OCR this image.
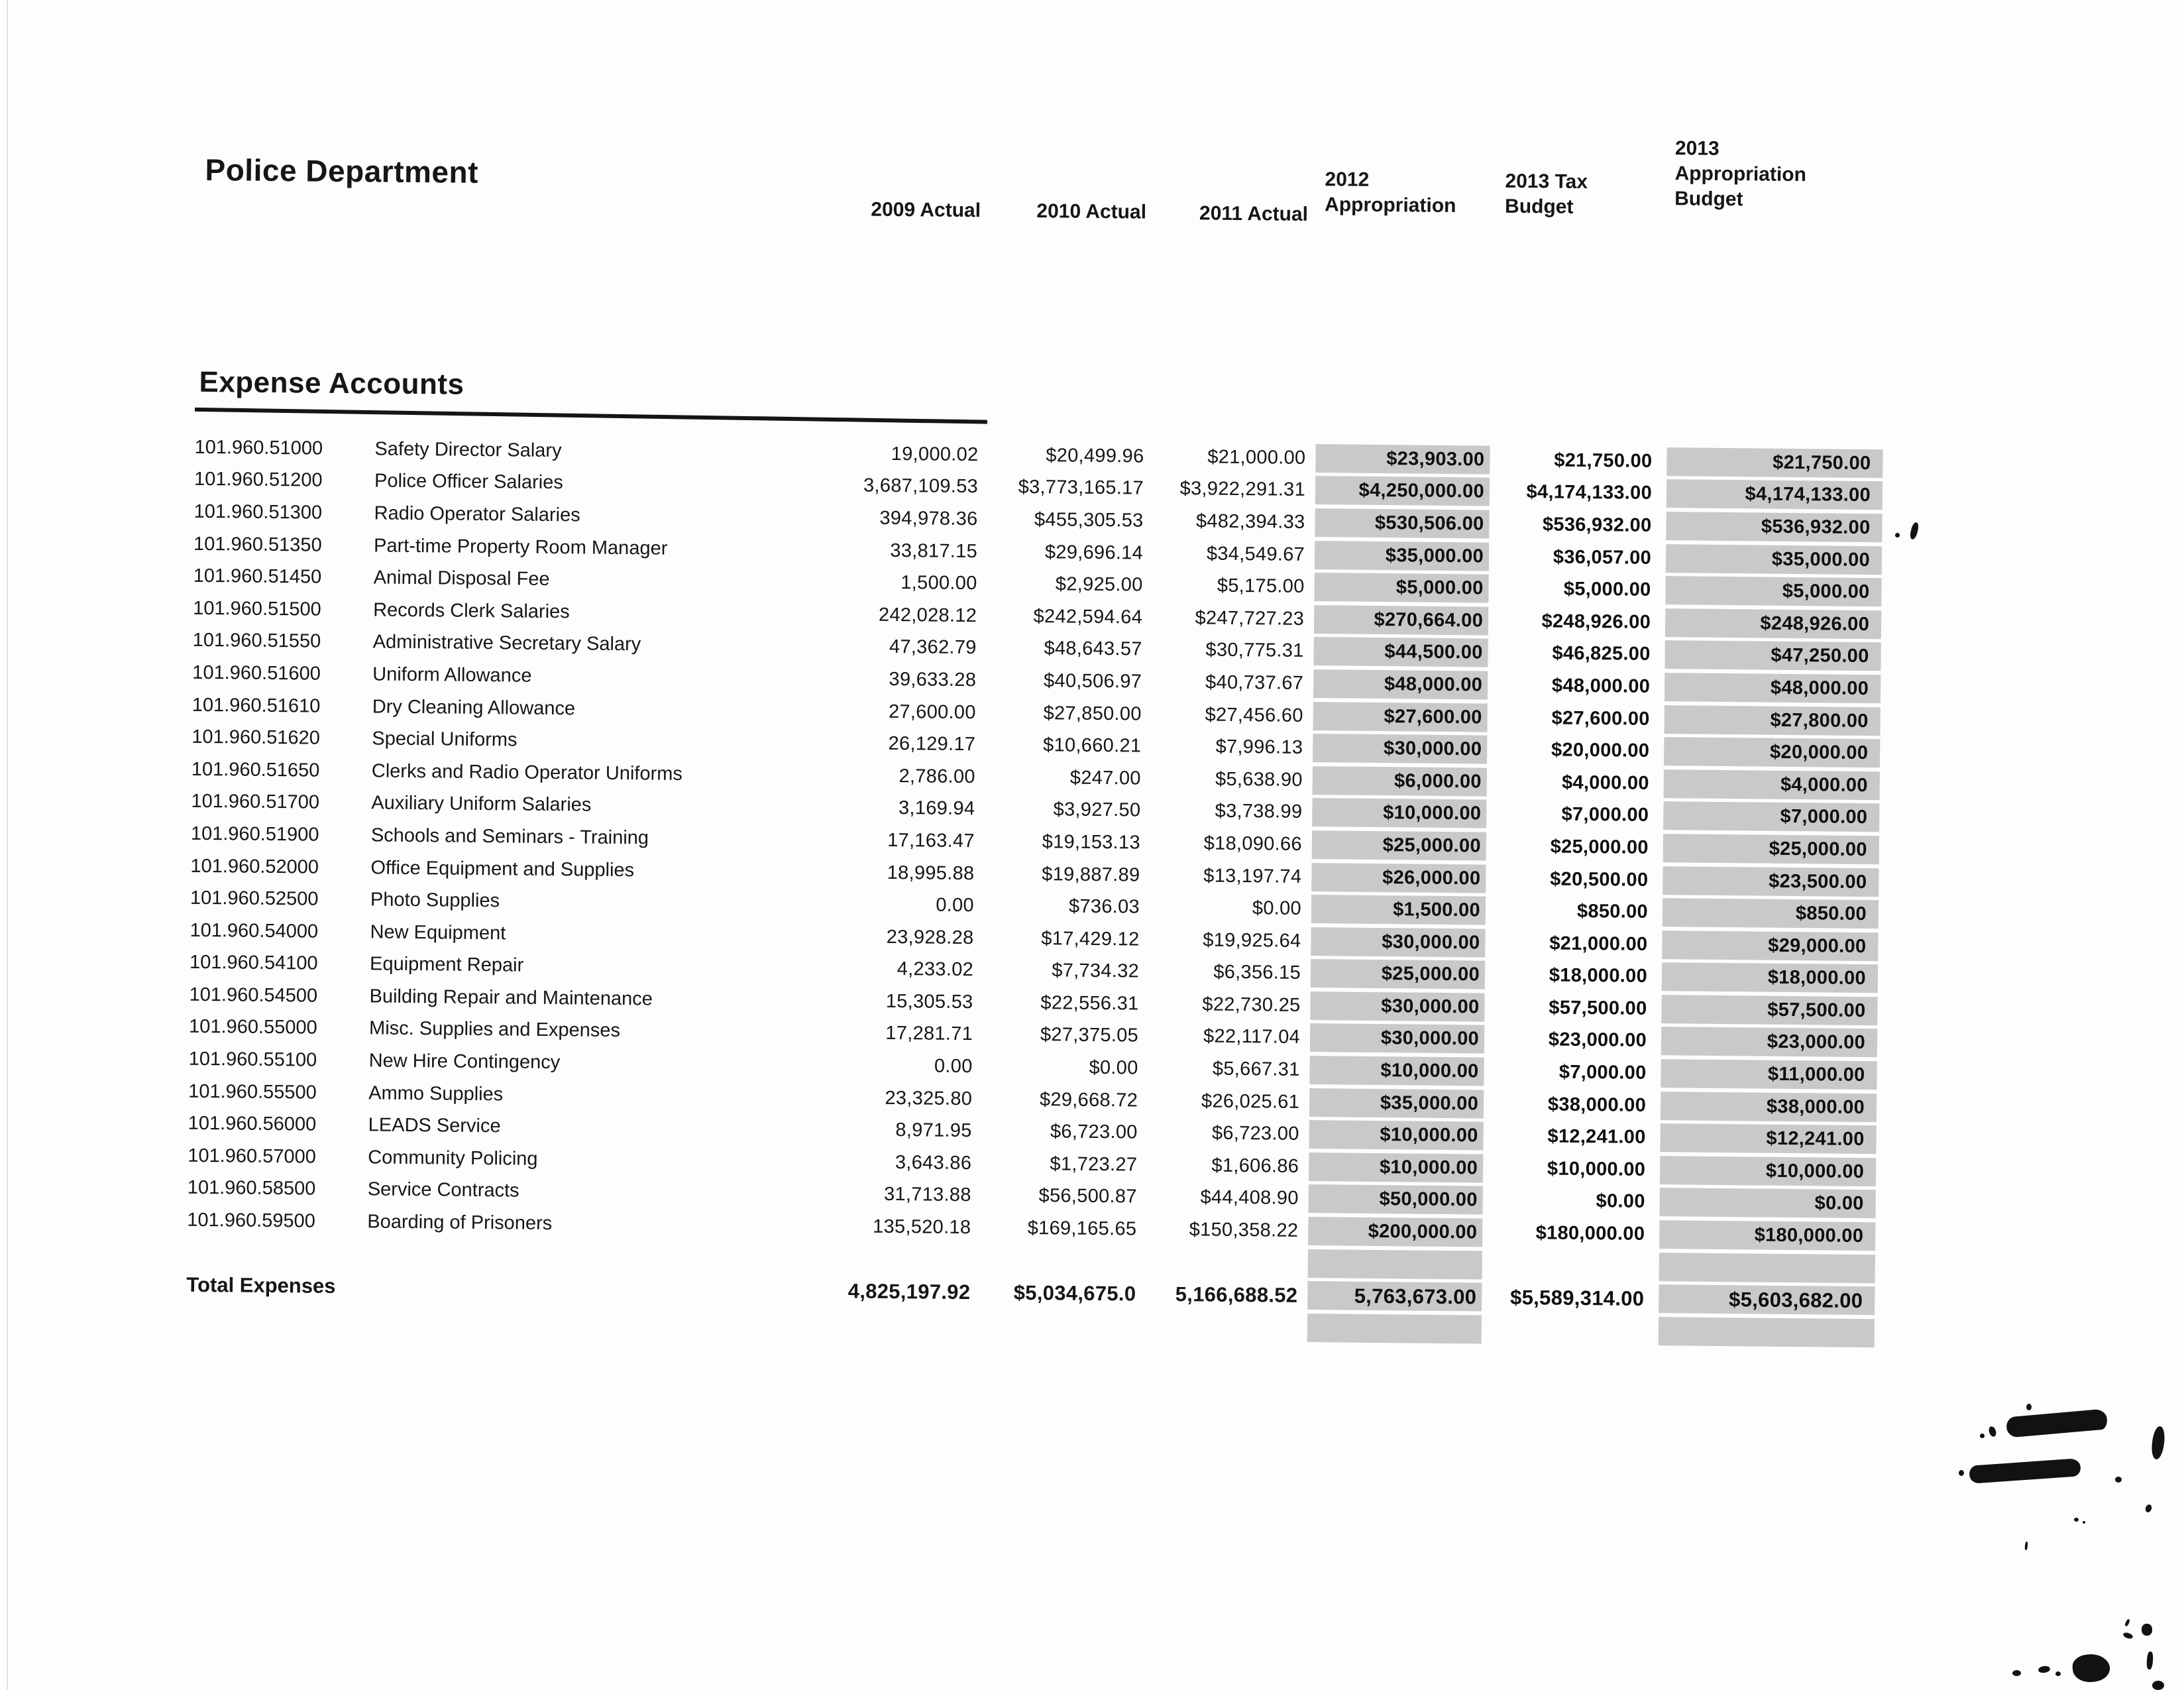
Police Department
2009 Actual	2010 Actual	2011 Actual
2012
Appropriation
2013 Tax
Budget
2013
Appropriation
Budget
Expense Accounts
101.960.51000	Safety Director Salary	19,000.02	$20,499.96	$21,000.00	$23,903.00	$21,750.00	$21,750.00
101.960.51200	Police Officer Salaries	3,687,109.53	$3,773,165.17	$3,922,291.31	$4,250,000.00	$4,174,133.00	$4,174,133.00
101.960.51300	Radio Operator Salaries	394,978.36	$455,305.53	$482,394.33	$530,506.00	$536,932.00	$536,932.00
101.960.51350	Part-time Property Room Manager	33,817.15	$29,696.14	$34,549.67	$35,000.00	$36,057.00	$35,000.00
101.960.51450	Animal Disposal Fee	1,500.00	$2,925.00	$5,175.00	$5,000.00	$5,000.00	$5,000.00
101.960.51500	Records Clerk Salaries	242,028.12	$242,594.64	$247,727.23	$270,664.00	$248,926.00	$248,926.00
101.960.51550	Administrative Secretary Salary	47,362.79	$48,643.57	$30,775.31	$44,500.00	$46,825.00	$47,250.00
101.960.51600	Uniform Allowance	39,633.28	$40,506.97	$40,737.67	$48,000.00	$48,000.00	$48,000.00
101.960.51610	Dry Cleaning Allowance	27,600.00	$27,850.00	$27,456.60	$27,600.00	$27,600.00	$27,800.00
101.960.51620	Special Uniforms	26,129.17	$10,660.21	$7,996.13	$30,000.00	$20,000.00	$20,000.00
101.960.51650	Clerks and Radio Operator Uniforms	2,786.00	$247.00	$5,638.90	$6,000.00	$4,000.00	$4,000.00
101.960.51700	Auxiliary Uniform Salaries	3,169.94	$3,927.50	$3,738.99	$10,000.00	$7,000.00	$7,000.00
101.960.51900	Schools and Seminars - Training	17,163.47	$19,153.13	$18,090.66	$25,000.00	$25,000.00	$25,000.00
101.960.52000	Office Equipment and Supplies	18,995.88	$19,887.89	$13,197.74	$26,000.00	$20,500.00	$23,500.00
101.960.52500	Photo Supplies	0.00	$736.03	$0.00	$1,500.00	$850.00	$850.00
101.960.54000	New Equipment	23,928.28	$17,429.12	$19,925.64	$30,000.00	$21,000.00	$29,000.00
101.960.54100	Equipment Repair	4,233.02	$7,734.32	$6,356.15	$25,000.00	$18,000.00	$18,000.00
101.960.54500	Building Repair and Maintenance	15,305.53	$22,556.31	$22,730.25	$30,000.00	$57,500.00	$57,500.00
101.960.55000	Misc. Supplies and Expenses	17,281.71	$27,375.05	$22,117.04	$30,000.00	$23,000.00	$23,000.00
101.960.55100	New Hire Contingency	0.00	$0.00	$5,667.31	$10,000.00	$7,000.00	$11,000.00
101.960.55500	Ammo Supplies	23,325.80	$29,668.72	$26,025.61	$35,000.00	$38,000.00	$38,000.00
101.960.56000	LEADS Service	8,971.95	$6,723.00	$6,723.00	$10,000.00	$12,241.00	$12,241.00
101.960.57000	Community Policing	3,643.86	$1,723.27	$1,606.86	$10,000.00	$10,000.00	$10,000.00
101.960.58500	Service Contracts	31,713.88	$56,500.87	$44,408.90	$50,000.00	$0.00	$0.00
101.960.59500	Boarding of Prisoners	135,520.18	$169,165.65	$150,358.22	$200,000.00	$180,000.00	$180,000.00
Total Expenses	4,825,197.92	$5,034,675.0	5,166,688.52	5,763,673.00	$5,589,314.00	$5,603,682.00
